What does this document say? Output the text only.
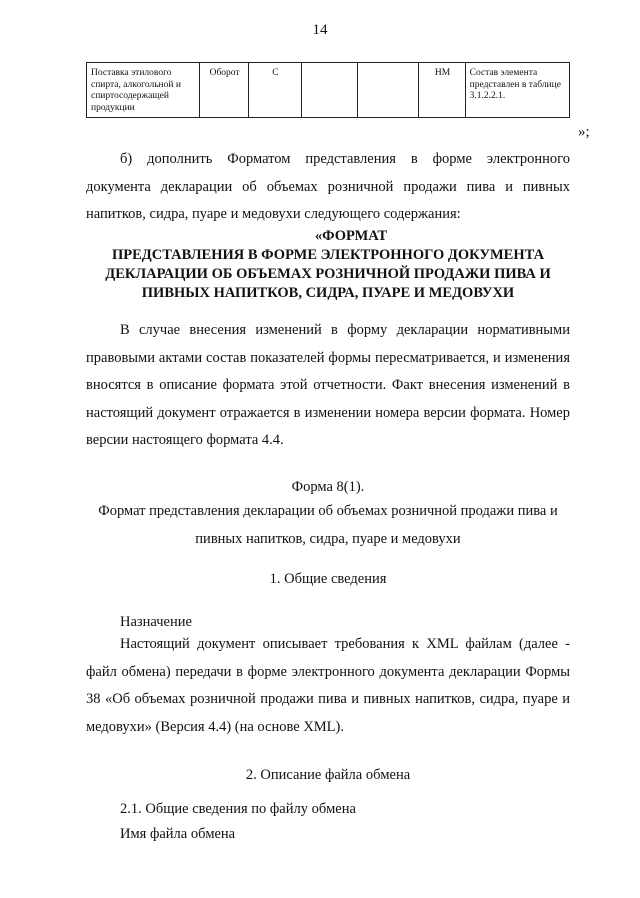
14
Поставка этилового спирта, алкогольной и спиртосодержащей продукции	Оборот	С			НМ	Состав элемента представлен в таблице 3.1.2.2.1.
»;
б) дополнить Форматом представления в форме электронного документа декларации об объемах розничной продажи пива и пивных напитков, сидра, пуаре и медовухи следующего содержания:
«ФОРМАТ
ПРЕДСТАВЛЕНИЯ В ФОРМЕ ЭЛЕКТРОННОГО ДОКУМЕНТА ДЕКЛАРАЦИИ ОБ ОБЪЕМАХ РОЗНИЧНОЙ ПРОДАЖИ ПИВА И ПИВНЫХ НАПИТКОВ, СИДРА, ПУАРЕ И МЕДОВУХИ
В случае внесения изменений в форму декларации нормативными правовыми актами состав показателей формы пересматривается, и изменения вносятся в описание формата этой отчетности. Факт внесения изменений в настоящий документ отражается в изменении номера версии формата. Номер версии настоящего формата 4.4.
Форма 8(1).
Формат представления декларации об объемах розничной продажи пива и
пивных напитков, сидра, пуаре и медовухи
1. Общие сведения
Назначение
Настоящий документ описывает требования к XML файлам (далее - файл обмена) передачи в форме электронного документа декларации Формы 38 «Об объемах розничной продажи пива и пивных напитков, сидра, пуаре и медовухи» (Версия 4.4) (на основе XML).
2. Описание файла обмена
2.1. Общие сведения по файлу обмена
Имя файла обмена
